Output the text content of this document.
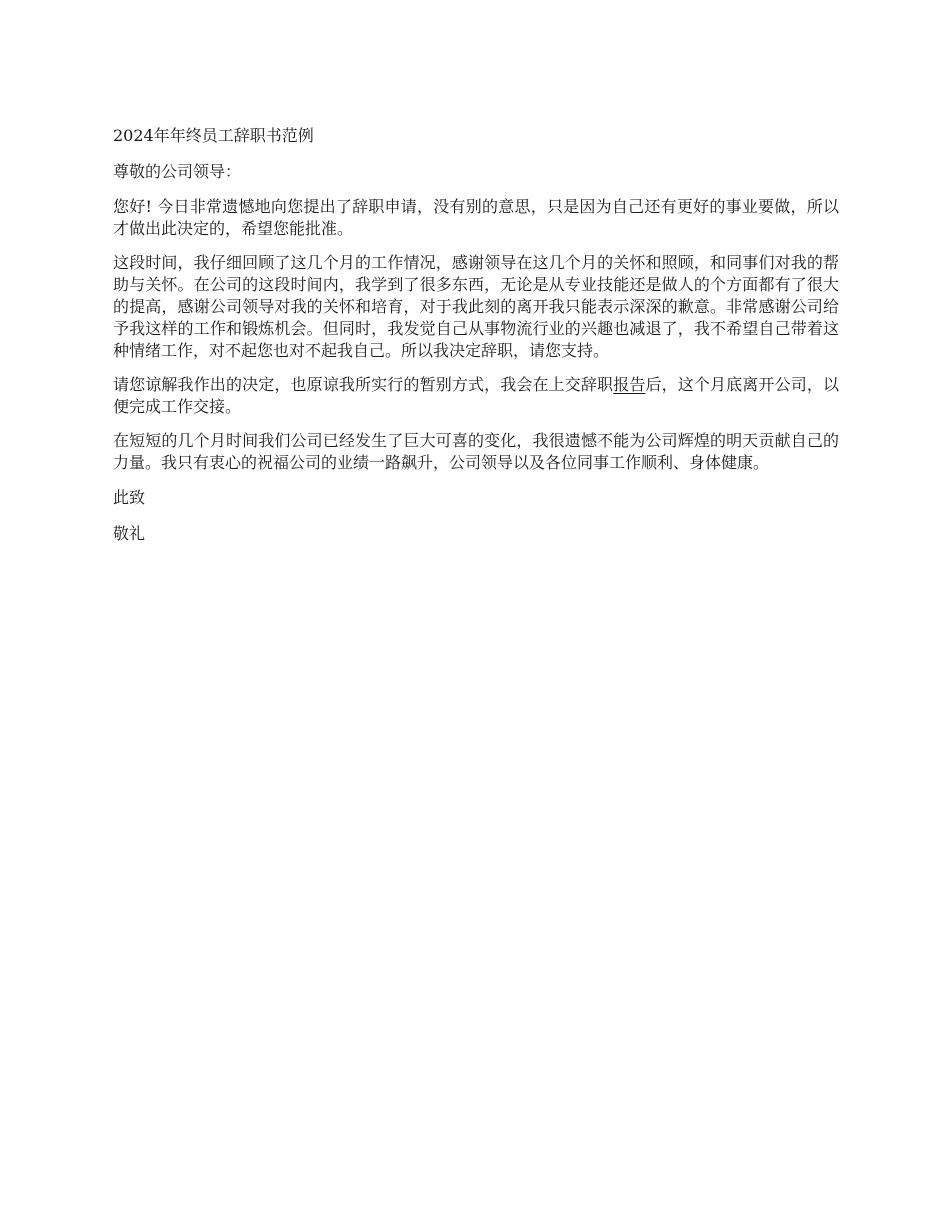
2024年年终员工辞职书范例
尊敬的公司领导：

您好! 今日非常遗憾地向您提出了辞职申请，没有别的意思，只是因为自己还有更好的事业要做，所以才做出此决定的，希望您能批准。

这段时间，我仔细回顾了这几个月的工作情况，感谢领导在这几个月的关怀和照顾，和同事们对我的帮助与关怀。在公司的这段时间内，我学到了很多东西，无论是从专业技能还是做人的个方面都有了很大的提高，感谢公司领导对我的关怀和培育，对于我此刻的离开我只能表示深深的歉意。非常感谢公司给予我这样的工作和锻炼机会。但同时，我发觉自己从事物流行业的兴趣也减退了，我不希望自己带着这种情绪工作，对不起您也对不起我自己。所以我决定辞职，请您支持。

请您谅解我作出的决定，也原谅我所实行的暂别方式，我会在上交辞职报告后，这个月底离开公司，以便完成工作交接。

在短短的几个月时间我们公司已经发生了巨大可喜的变化，我很遗憾不能为公司辉煌的明天贡献自己的力量。我只有衷心的祝福公司的业绩一路飙升，公司领导以及各位同事工作顺利、身体健康。

此致
敬礼
